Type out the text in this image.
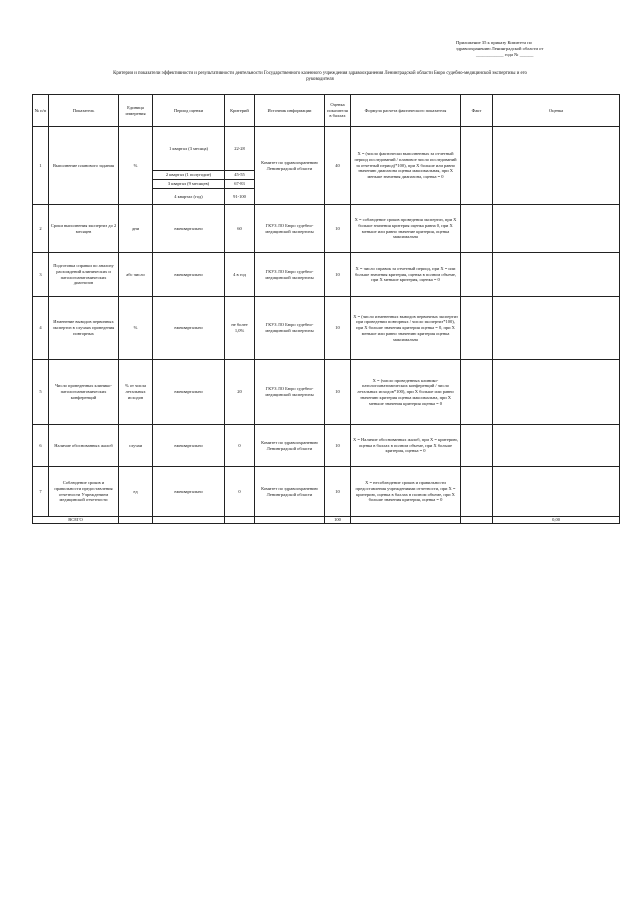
Приложение 35 к приказу Комитета по
здравоохранению Ленинградской области от
____________ года № ______
Критерии и показатели эффективности и результативности деятельности Государственного казенного учреждения здравоохранения Ленинградской области Бюро судебно-медицинской экспертизы и его
руководителя
№ п/п	Показатель	Единица измерения	Период оценки	Критерий	Источник информации	Оценка показателя в баллах	Формула расчета фактического показателя	Факт	Оценка
1	Выполнение планового задания	%	1 квартал (3 месяца)	22-28	Комитет по здравоохранению Ленинградской области	40	Х = (число фактически выполненных за отчетный период исследований / плановое число исследований за отчетный период)*100), при Х больше или равно значению диапазона оценка максимальная, при Х меньше значения диапазона, оценка = 0		
			2 квартал (1 полугодие)	45-55					
			3 квартал (9 месяцев)	67-83					
			4 квартал (год)	91-100					
2	Сроки выполнения экспертиз до 2 месяцев	дни	ежеквартально	60	ГКУЗ ЛО Бюро судебно-медицинской экспертизы	10	Х = соблюдение сроков проведения экспертиз, при Х больше значения критерия оценка равна 0, при Х меньше или равно значение критерия, оценка максимальна		
3	Подготовка справки по анализу расхождений клинических и патологоанатомических диагнозов	абс число	ежеквартально	4 в год	ГКУЗ ЛО Бюро судебно-медицинской экспертизы	10	Х = число справок за отчетный период, при Х = или больше значения критерия, оценка в полном объеме, при Х меньше критерия, оценка = 0		
4	Изменение выводов первичных экспертиз в случаях проведения повторных	%	ежеквартально	не более 1,0%	ГКУЗ ЛО Бюро судебно-медицинской экспертизы	10	Х = (число измененных выводов первичных экспертиз при проведении повторных / число экспертиз*100), при Х больше значения критерия оценка = 0, при Х меньше или равно значению критерия оценка максимальна		
5	Число проведенных клинико-патологоанатомических конференций	% от числа летальных исходов	ежеквартально	20	ГКУЗ ЛО Бюро судебно-медицинской экспертизы	10	Х = (число проведенных клинико-патологоанатомических конференций / число летальных исходов*100), при Х больше или равно значению критерия оценка максимальна, при Х меньше значения критерия оценка = 0		
6	Наличие обоснованных жалоб	случаи	ежеквартально	0	Комитет по здравоохранению Ленинградской области	10	Х = Наличие обоснованных жалоб, при Х = критерию, оценка в баллах в полном объеме, при Х больше критерия, оценка = 0		
7	Соблюдение сроков и правильности предоставления отчетности Учреждением медицинской отчетности	ед	ежеквартально	0	Комитет по здравоохранению Ленинградской области	10	Х = несоблюдение сроков и правильности предоставления учреждениями отчетности, при Х = критерию, оценка в баллах в полном объеме, при Х больше значения критерия, оценка = 0		
ВСЕГО						100			0,00
